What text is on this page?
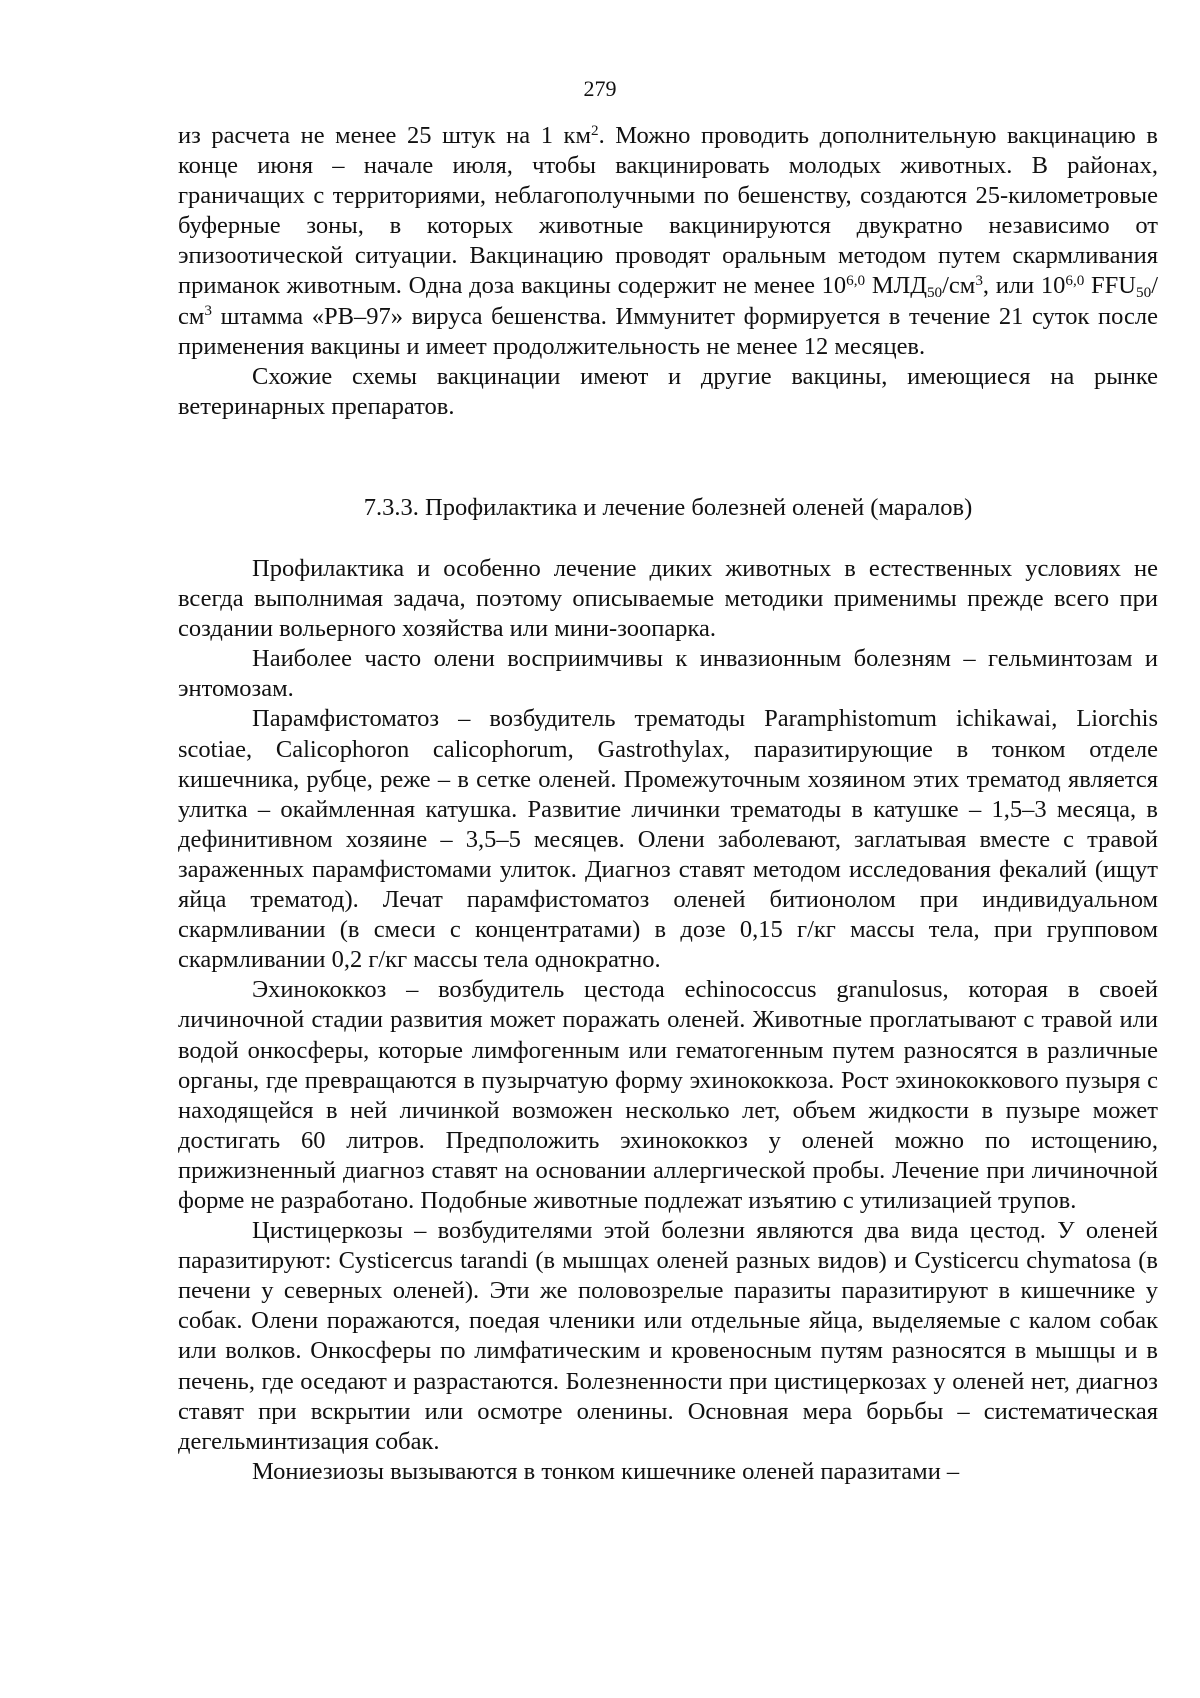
279

из расчета не менее 25 штук на 1 $км^2$. Можно проводить дополнительную вакцинацию в конце июня – начале июля, чтобы вакцинировать молодых животных. В районах, граничащих с территориями, неблагополучными по бешенству, создаются 25-километровые буферные зоны, в которых животные вакцинируются двукратно независимо от эпизоотической ситуации. Вакцинацию проводят оральным методом путем скармливания приманок животным. Одна доза вакцины содержит не менее 10$^{6,0}$ $МЛД_{50}/см^3$, или 10$^{6,0}$ $FFU_{50}/см^3$ штамма «РВ–97» вируса бешенства. Иммунитет формируется в течение 21 суток после применения вакцины и имеет продолжительность не менее 12 месяцев.

Схожие схемы вакцинации имеют и другие вакцины, имеющиеся на рынке ветеринарных препаратов.

7.3.3. Профилактика и лечение болезней оленей (маралов)

Профилактика и особенно лечение диких животных в естественных условиях не всегда выполнимая задача, поэтому описываемые методики применимы прежде всего при создании вольерного хозяйства или мини-зоопарка.

Наиболее часто олени восприимчивы к инвазионным болезням – гельминтозам и энтомозам.

Парамфистоматоз – возбудитель трематоды Paramphistomum ichikawai, Liorchis scotiae, Calicophoron calicophorum, Gastrothylax, паразитирующие в тонком отделе кишечника, рубце, реже – в сетке оленей. Промежуточным хозяином этих трематод является улитка – окаймленная катушка. Развитие личинки трематоды в катушке – 1,5–3 месяца, в дефинитивном хозяине – 3,5–5 месяцев. Олени заболевают, заглатывая вместе с травой зараженных парамфистомами улиток. Диагноз ставят методом исследования фекалий (ищут яйца трематод). Лечат парамфистоматоз оленей битионолом при индивидуальном скармливании (в смеси с концентратами) в дозе 0,15 г/кг массы тела, при групповом скармливании 0,2 г/кг массы тела однократно.

Эхинококкоз – возбудитель цестода echinococcus granulosus, которая в своей личиночной стадии развития может поражать оленей. Животные проглатывают с травой или водой онкосферы, которые лимфогенным или гематогенным путем разносятся в различные органы, где превращаются в пузырчатую форму эхинококкоза. Рост эхинококкового пузыря с находящейся в ней личинкой возможен несколько лет, объем жидкости в пузыре может достигать 60 литров. Предположить эхинококкоз у оленей можно по истощению, прижизненный диагноз ставят на основании аллергической пробы. Лечение при личиночной форме не разработано. Подобные животные подлежат изъятию с утилизацией трупов.

Цистицеркозы – возбудителями этой болезни являются два вида цестод. У оленей паразитируют: Cysticercus tarandi (в мышцах оленей разных видов) и Cysticercu chymatosa (в печени у северных оленей). Эти же половозрелые паразиты паразитируют в кишечнике у собак. Олени поражаются, поедая членики или отдельные яйца, выделяемые с калом собак или волков. Онкосферы по лимфатическим и кровеносным путям разносятся в мышцы и в печень, где оседают и разрастаются. Болезненности при цистицеркозах у оленей нет, диагноз ставят при вскрытии или осмотре оленины. Основная мера борьбы – систематическая дегельминтизация собак.

Мониезиозы вызываются в тонком кишечнике оленей паразитами –
